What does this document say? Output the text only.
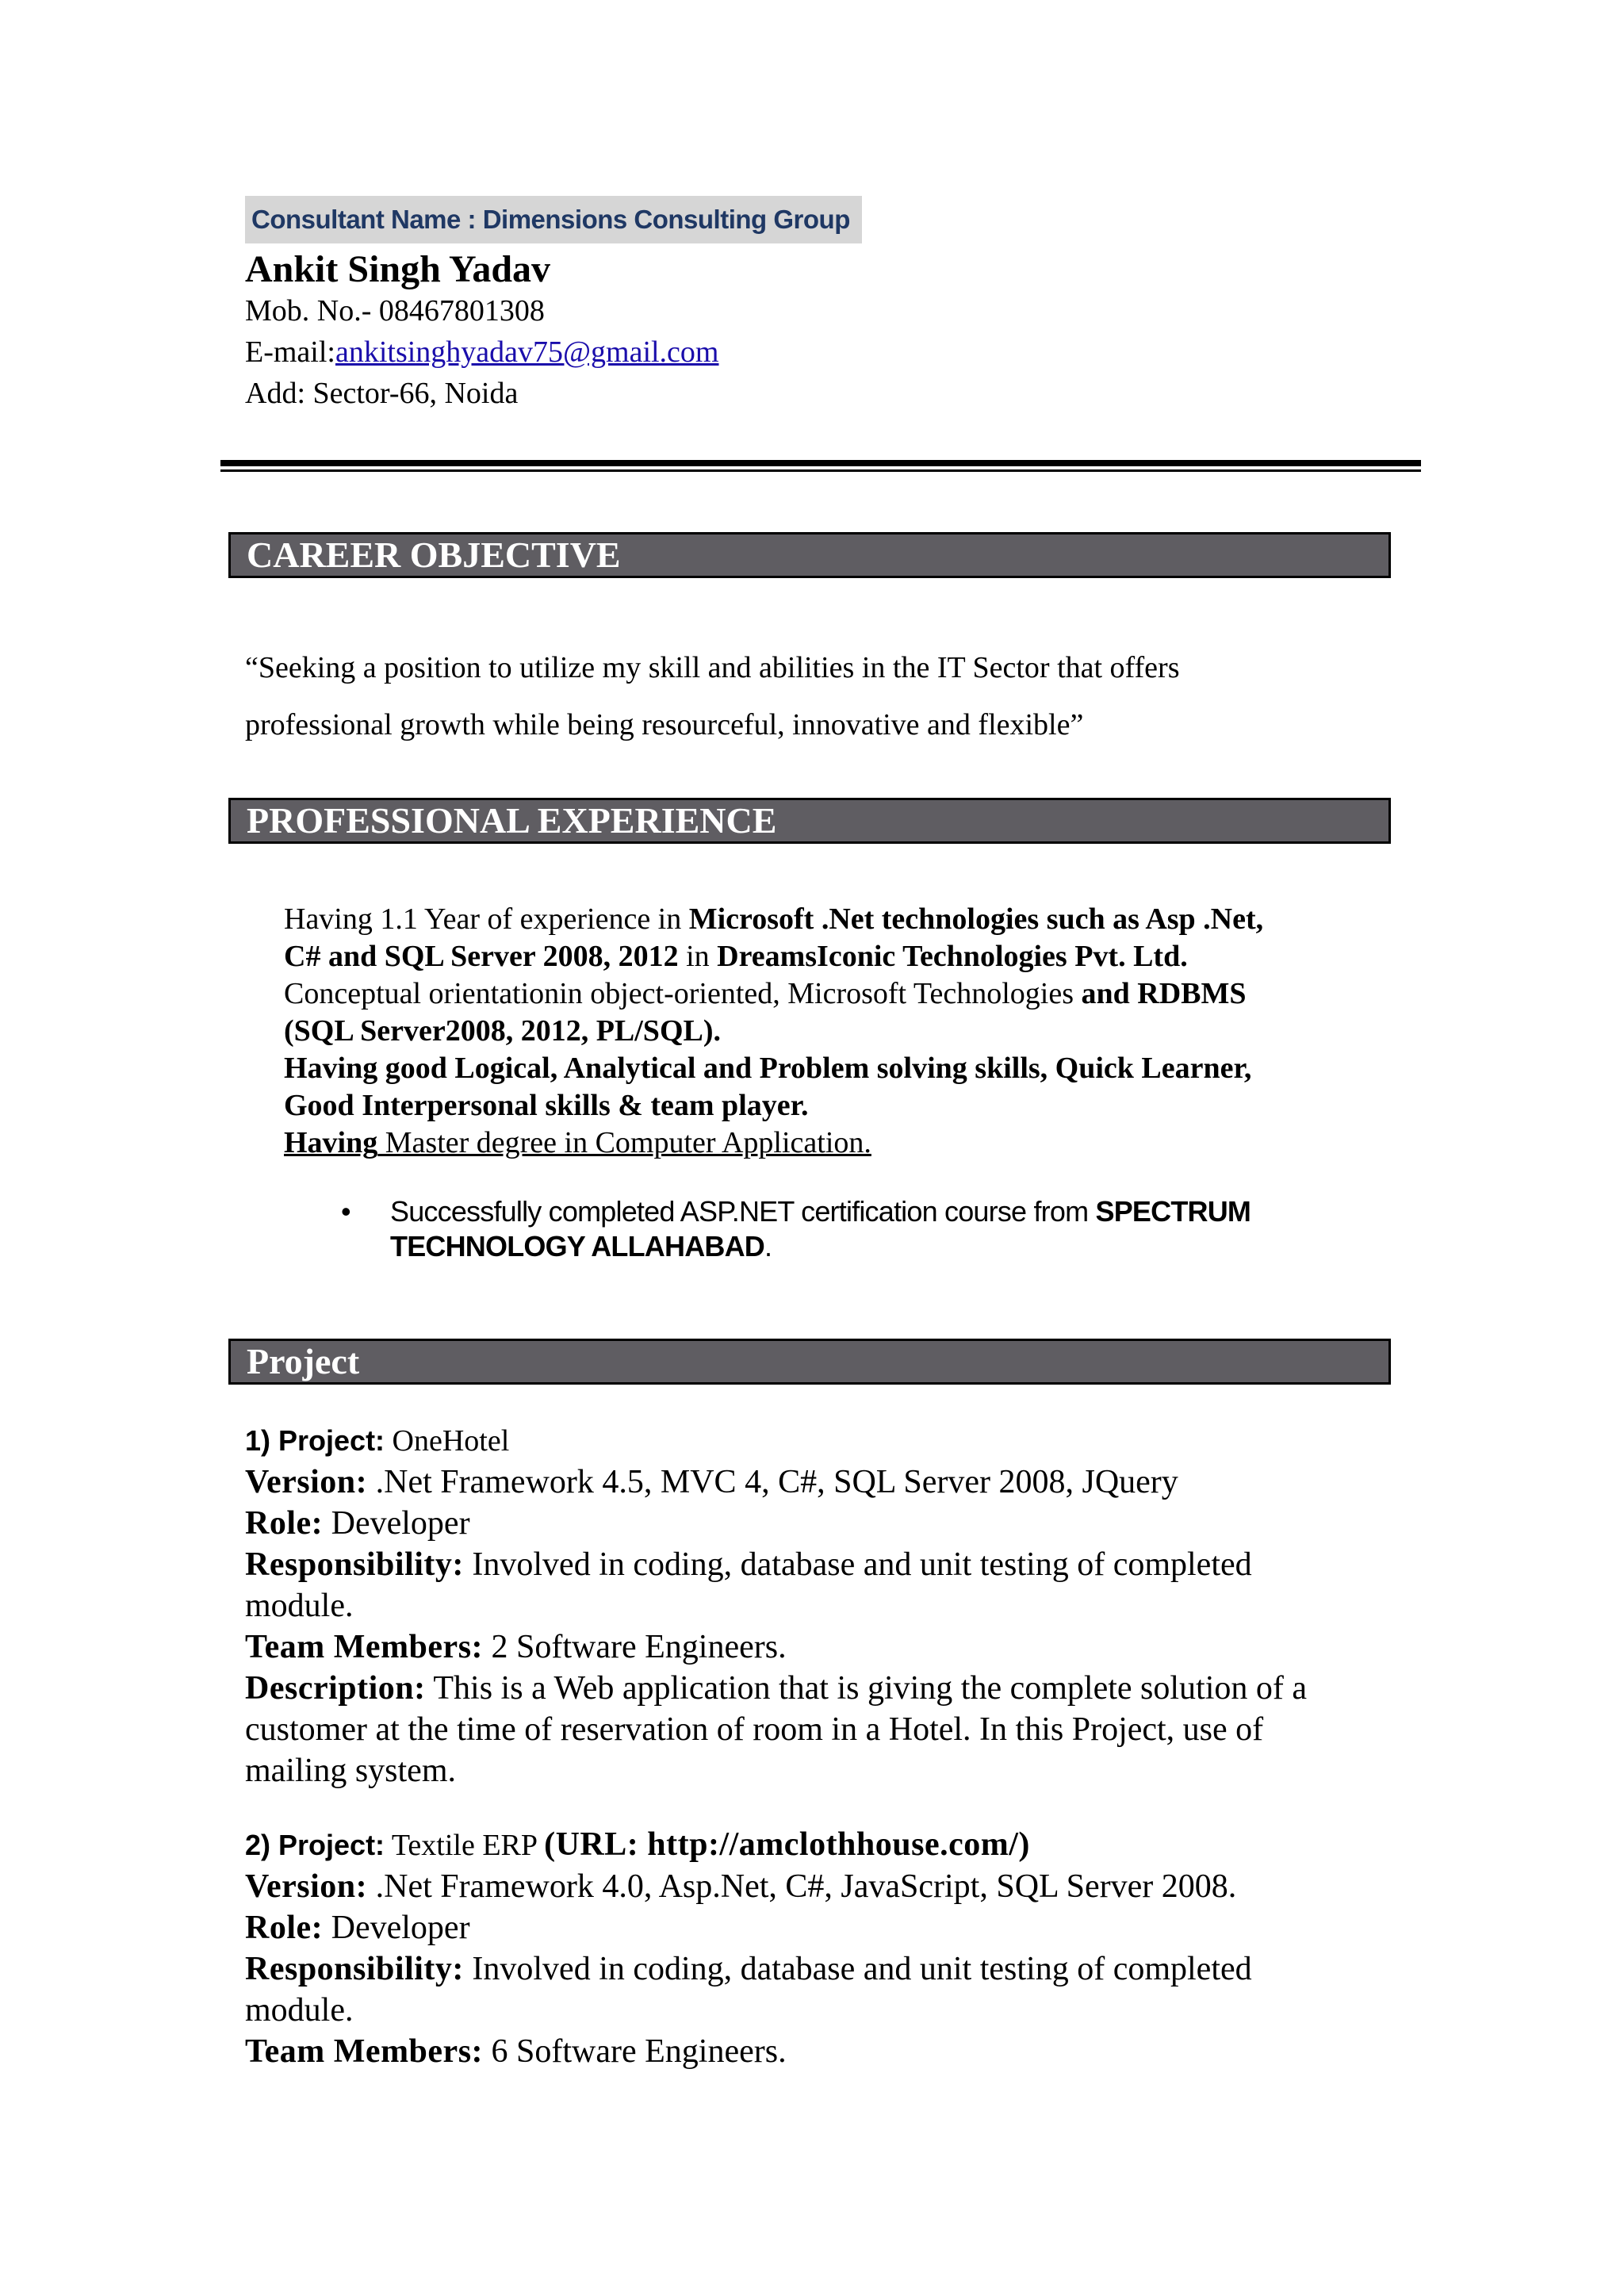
Consultant Name : Dimensions Consulting Group
Ankit Singh Yadav
Mob. No.- 08467801308
E-mail:ankitsinghyadav75@gmail.com
Add: Sector-66, Noida
CAREER OBJECTIVE
“Seeking a position to utilize my skill and abilities in the IT Sector that offers
professional growth while being resourceful, innovative and flexible”
PROFESSIONAL EXPERIENCE
Having 1.1 Year of experience in Microsoft .Net technologies such as Asp .Net,
C# and SQL Server 2008, 2012 in DreamsIconic Technologies Pvt. Ltd.
Conceptual orientationin object-oriented, Microsoft Technologies and RDBMS
(SQL Server2008, 2012, PL/SQL).
Having good Logical, Analytical and Problem solving skills, Quick Learner,
Good Interpersonal skills & team player.
Having Master degree in Computer Application.
• Successfully completed ASP.NET certification course from SPECTRUM TECHNOLOGY ALLAHABAD.
Project
1) Project: OneHotel
Version: .Net Framework 4.5, MVC 4, C#, SQL Server 2008, JQuery
Role: Developer
Responsibility: Involved in coding, database and unit testing of completed
module.
Team Members: 2 Software Engineers.
Description: This is a Web application that is giving the complete solution of a
customer at the time of reservation of room in a Hotel. In this Project, use of
mailing system.
2) Project: Textile ERP (URL: http://amclothhouse.com/)
Version: .Net Framework 4.0, Asp.Net, C#, JavaScript, SQL Server 2008.
Role: Developer
Responsibility: Involved in coding, database and unit testing of completed
module.
Team Members: 6 Software Engineers.
